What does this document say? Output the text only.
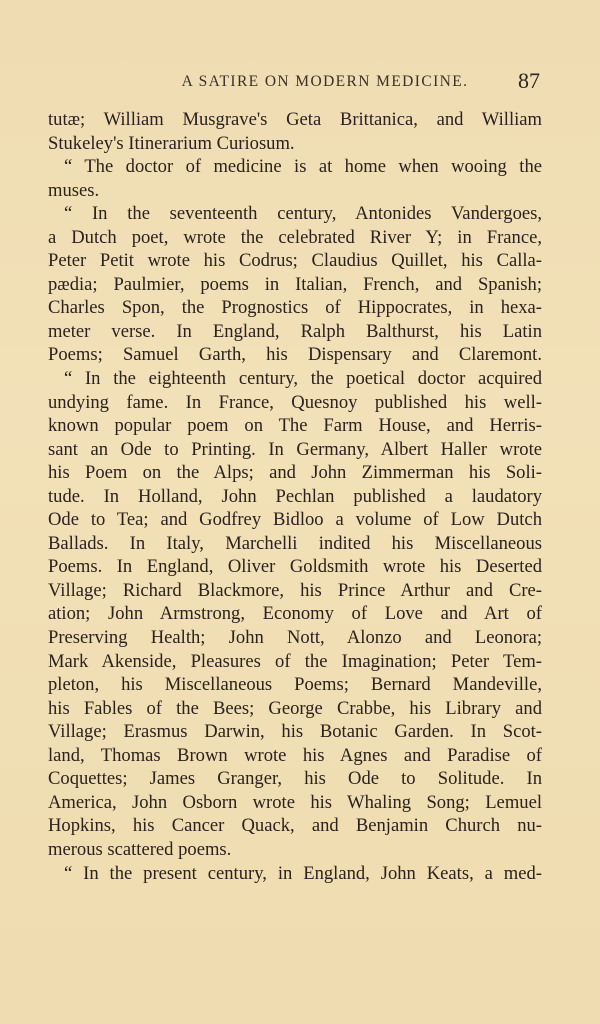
A SATIRE ON MODERN MEDICINE.	87
tutæ; William Musgrave's Geta Brittanica, and William
Stukeley's Itinerarium Curiosum.
“ The doctor of medicine is at home when wooing the
muses.
“ In the seventeenth century, Antonides Vandergoes,
a Dutch poet, wrote the celebrated River Y; in France,
Peter Petit wrote his Codrus; Claudius Quillet, his Calla-
pædia; Paulmier, poems in Italian, French, and Spanish;
Charles Spon, the Prognostics of Hippocrates, in hexa-
meter verse. In England, Ralph Balthurst, his Latin
Poems; Samuel Garth, his Dispensary and Claremont.
“ In the eighteenth century, the poetical doctor acquired
undying fame. In France, Quesnoy published his well-
known popular poem on The Farm House, and Herris-
sant an Ode to Printing. In Germany, Albert Haller wrote
his Poem on the Alps; and John Zimmerman his Soli-
tude. In Holland, John Pechlan published a laudatory
Ode to Tea; and Godfrey Bidloo a volume of Low Dutch
Ballads. In Italy, Marchelli indited his Miscellaneous
Poems. In England, Oliver Goldsmith wrote his Deserted
Village; Richard Blackmore, his Prince Arthur and Cre-
ation; John Armstrong, Economy of Love and Art of
Preserving Health; John Nott, Alonzo and Leonora;
Mark Akenside, Pleasures of the Imagination; Peter Tem-
pleton, his Miscellaneous Poems; Bernard Mandeville,
his Fables of the Bees; George Crabbe, his Library and
Village; Erasmus Darwin, his Botanic Garden. In Scot-
land, Thomas Brown wrote his Agnes and Paradise of
Coquettes; James Granger, his Ode to Solitude. In
America, John Osborn wrote his Whaling Song; Lemuel
Hopkins, his Cancer Quack, and Benjamin Church nu-
merous scattered poems.
“ In the present century, in England, John Keats, a med-
